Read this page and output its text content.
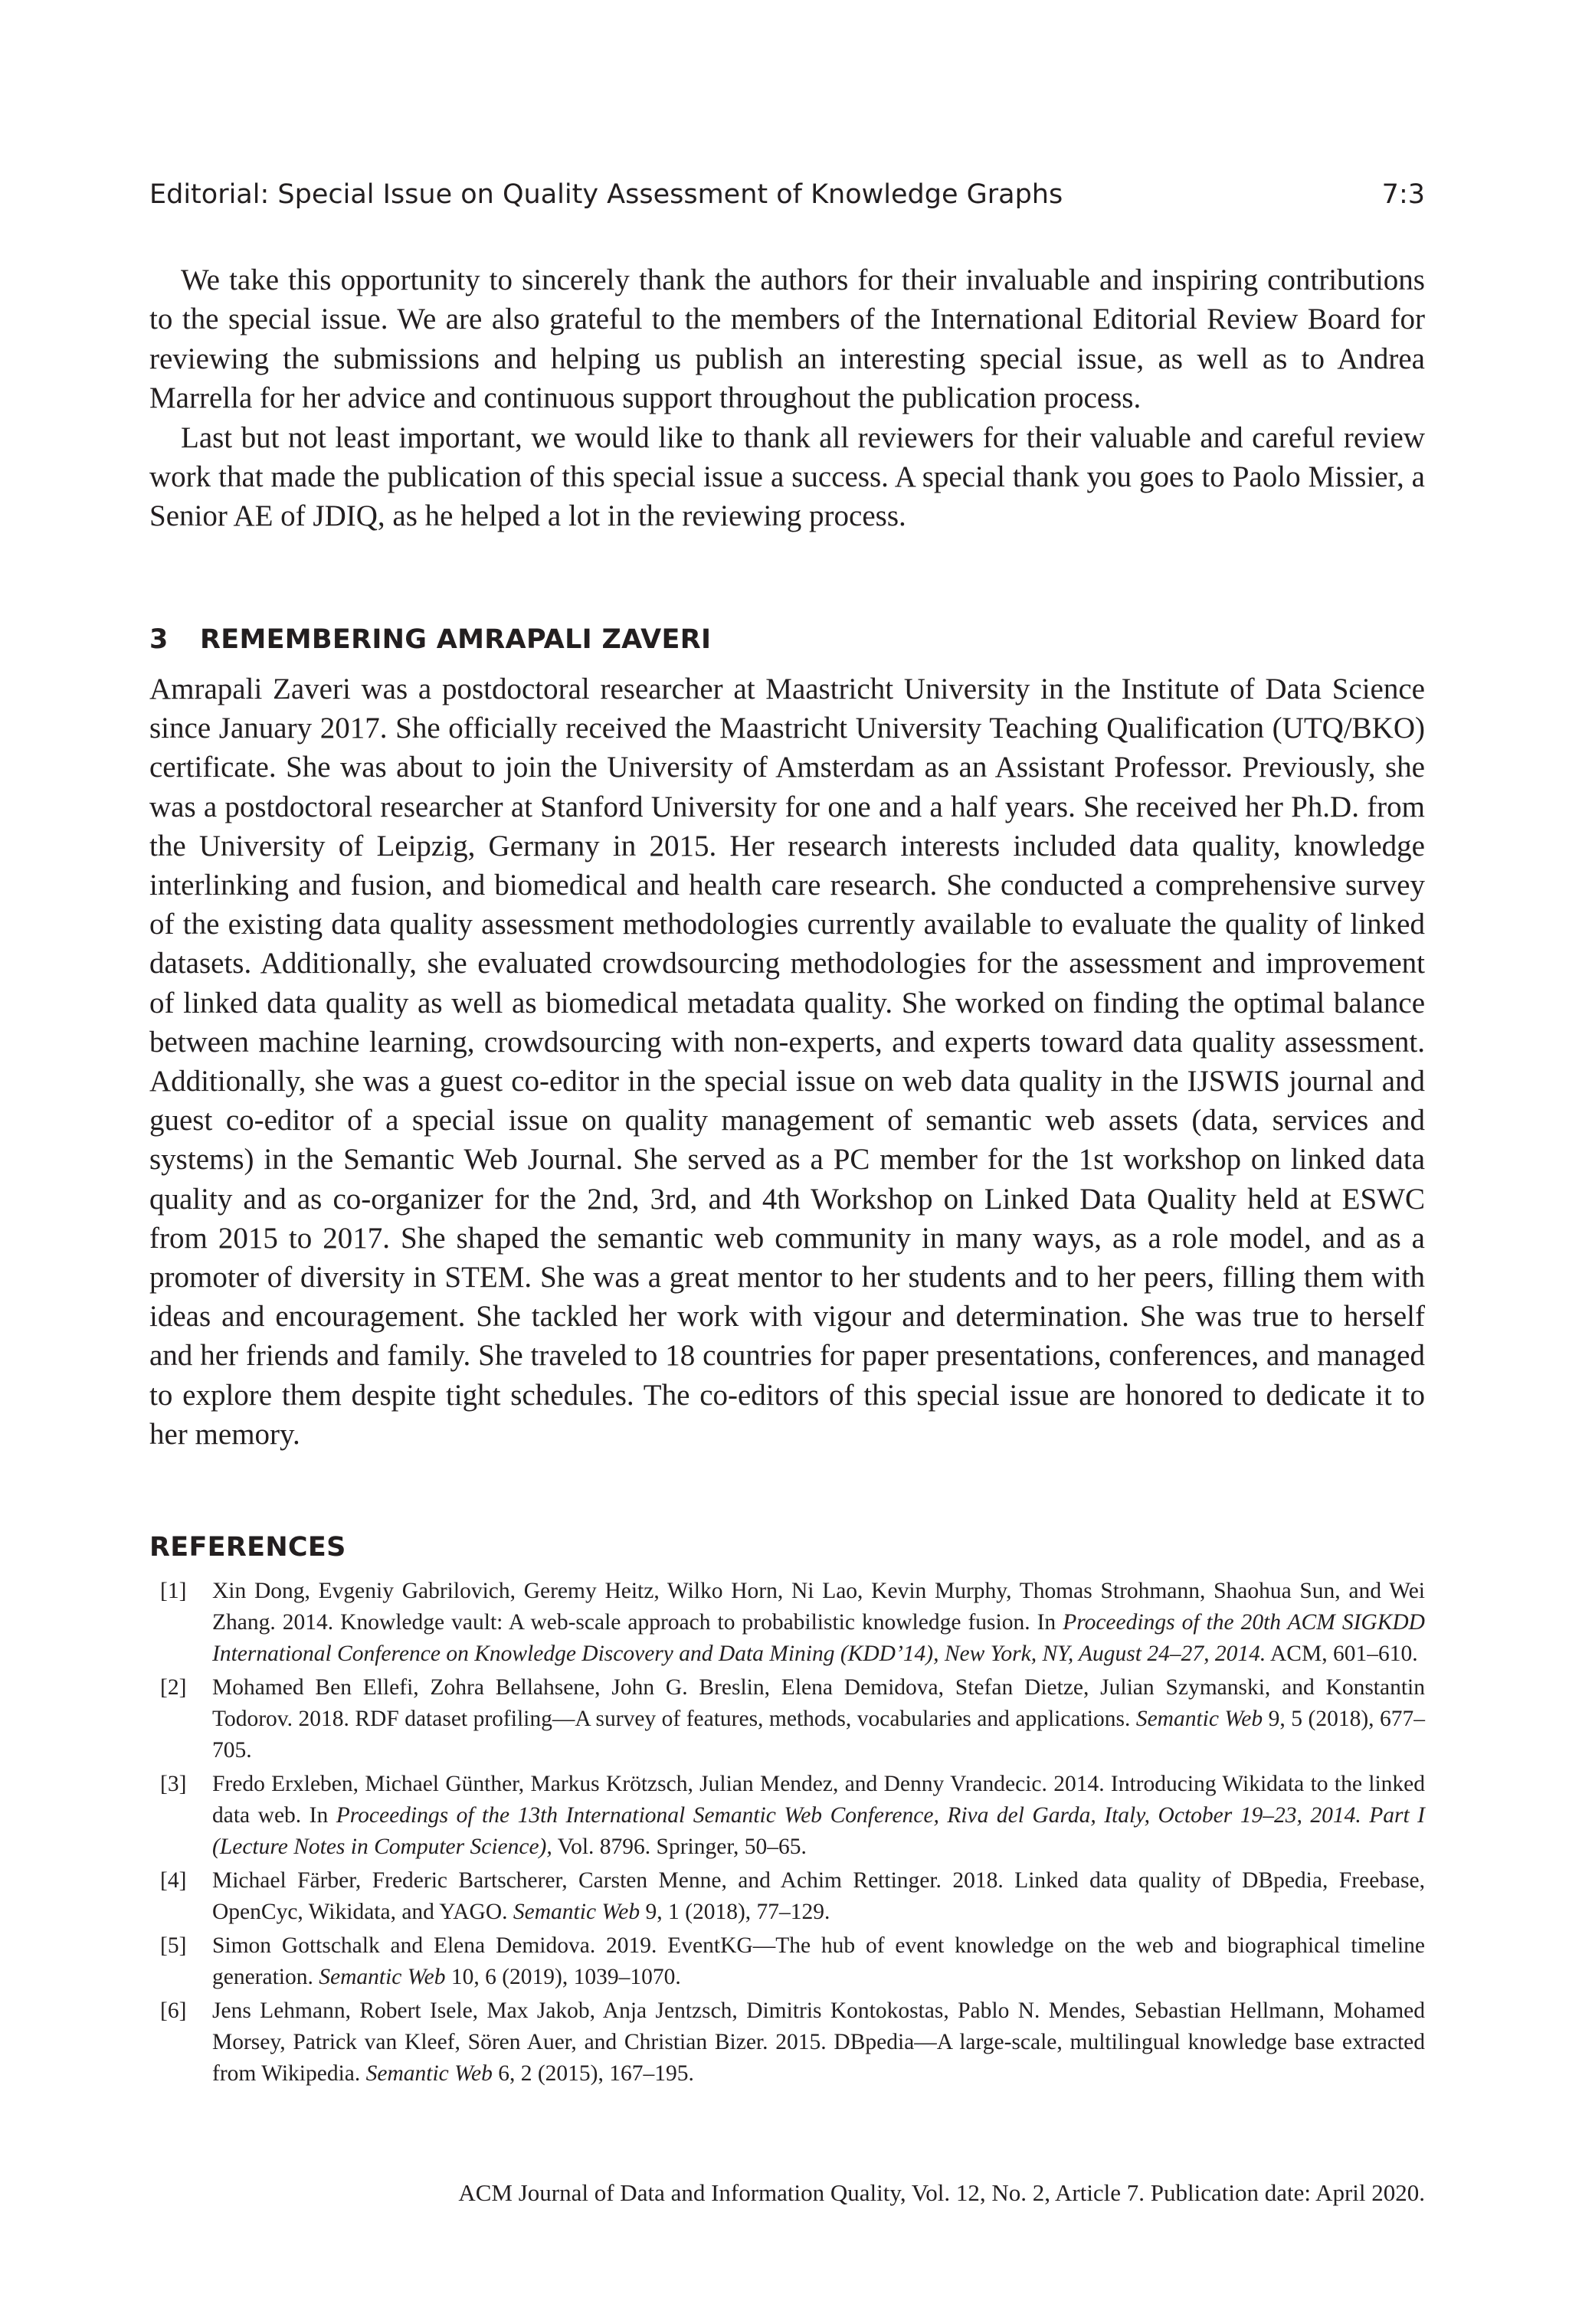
Editorial: Special Issue on Quality Assessment of Knowledge Graphs	7:3

We take this opportunity to sincerely thank the authors for their invaluable and inspiring contributions to the special issue. We are also grateful to the members of the International Editorial Review Board for reviewing the submissions and helping us publish an interesting special issue, as well as to Andrea Marrella for her advice and continuous support throughout the publication process.

Last but not least important, we would like to thank all reviewers for their valuable and careful review work that made the publication of this special issue a success. A special thank you goes to Paolo Missier, a Senior AE of JDIQ, as he helped a lot in the reviewing process.

3 REMEMBERING AMRAPALI ZAVERI

Amrapali Zaveri was a postdoctoral researcher at Maastricht University in the Institute of Data Science since January 2017. She officially received the Maastricht University Teaching Qualification (UTQ/BKO) certificate. She was about to join the University of Amsterdam as an Assistant Professor. Previously, she was a postdoctoral researcher at Stanford University for one and a half years. She received her Ph.D. from the University of Leipzig, Germany in 2015. Her research interests included data quality, knowledge interlinking and fusion, and biomedical and health care research. She conducted a comprehensive survey of the existing data quality assessment methodologies currently available to evaluate the quality of linked datasets. Additionally, she evaluated crowdsourcing methodologies for the assessment and improvement of linked data quality as well as biomedical metadata quality. She worked on finding the optimal balance between machine learning, crowdsourcing with non-experts, and experts toward data quality assessment. Additionally, she was a guest co-editor in the special issue on web data quality in the IJSWIS journal and guest co-editor of a special issue on quality management of semantic web assets (data, services and systems) in the Semantic Web Journal. She served as a PC member for the 1st workshop on linked data quality and as co-organizer for the 2nd, 3rd, and 4th Workshop on Linked Data Quality held at ESWC from 2015 to 2017. She shaped the semantic web community in many ways, as a role model, and as a promoter of diversity in STEM. She was a great mentor to her students and to her peers, filling them with ideas and encouragement. She tackled her work with vigour and determination. She was true to herself and her friends and family. She traveled to 18 countries for paper presentations, conferences, and managed to explore them despite tight schedules. The co-editors of this special issue are honored to dedicate it to her memory.

REFERENCES
[1] Xin Dong, Evgeniy Gabrilovich, Geremy Heitz, Wilko Horn, Ni Lao, Kevin Murphy, Thomas Strohmann, Shaohua Sun, and Wei Zhang. 2014. Knowledge vault: A web-scale approach to probabilistic knowledge fusion. In Proceedings of the 20th ACM SIGKDD International Conference on Knowledge Discovery and Data Mining (KDD’14), New York, NY, August 24–27, 2014. ACM, 601–610.
[2] Mohamed Ben Ellefi, Zohra Bellahsene, John G. Breslin, Elena Demidova, Stefan Dietze, Julian Szymanski, and Konstantin Todorov. 2018. RDF dataset profiling—A survey of features, methods, vocabularies and applications. Semantic Web 9, 5 (2018), 677–705.
[3] Fredo Erxleben, Michael Günther, Markus Krötzsch, Julian Mendez, and Denny Vrandecic. 2014. Introducing Wikidata to the linked data web. In Proceedings of the 13th International Semantic Web Conference, Riva del Garda, Italy, October 19–23, 2014. Part I (Lecture Notes in Computer Science), Vol. 8796. Springer, 50–65.
[4] Michael Färber, Frederic Bartscherer, Carsten Menne, and Achim Rettinger. 2018. Linked data quality of DBpedia, Freebase, OpenCyc, Wikidata, and YAGO. Semantic Web 9, 1 (2018), 77–129.
[5] Simon Gottschalk and Elena Demidova. 2019. EventKG—The hub of event knowledge on the web and biographical timeline generation. Semantic Web 10, 6 (2019), 1039–1070.
[6] Jens Lehmann, Robert Isele, Max Jakob, Anja Jentzsch, Dimitris Kontokostas, Pablo N. Mendes, Sebastian Hellmann, Mohamed Morsey, Patrick van Kleef, Sören Auer, and Christian Bizer. 2015. DBpedia—A large-scale, multilingual knowledge base extracted from Wikipedia. Semantic Web 6, 2 (2015), 167–195.
ACM Journal of Data and Information Quality, Vol. 12, No. 2, Article 7. Publication date: April 2020.
